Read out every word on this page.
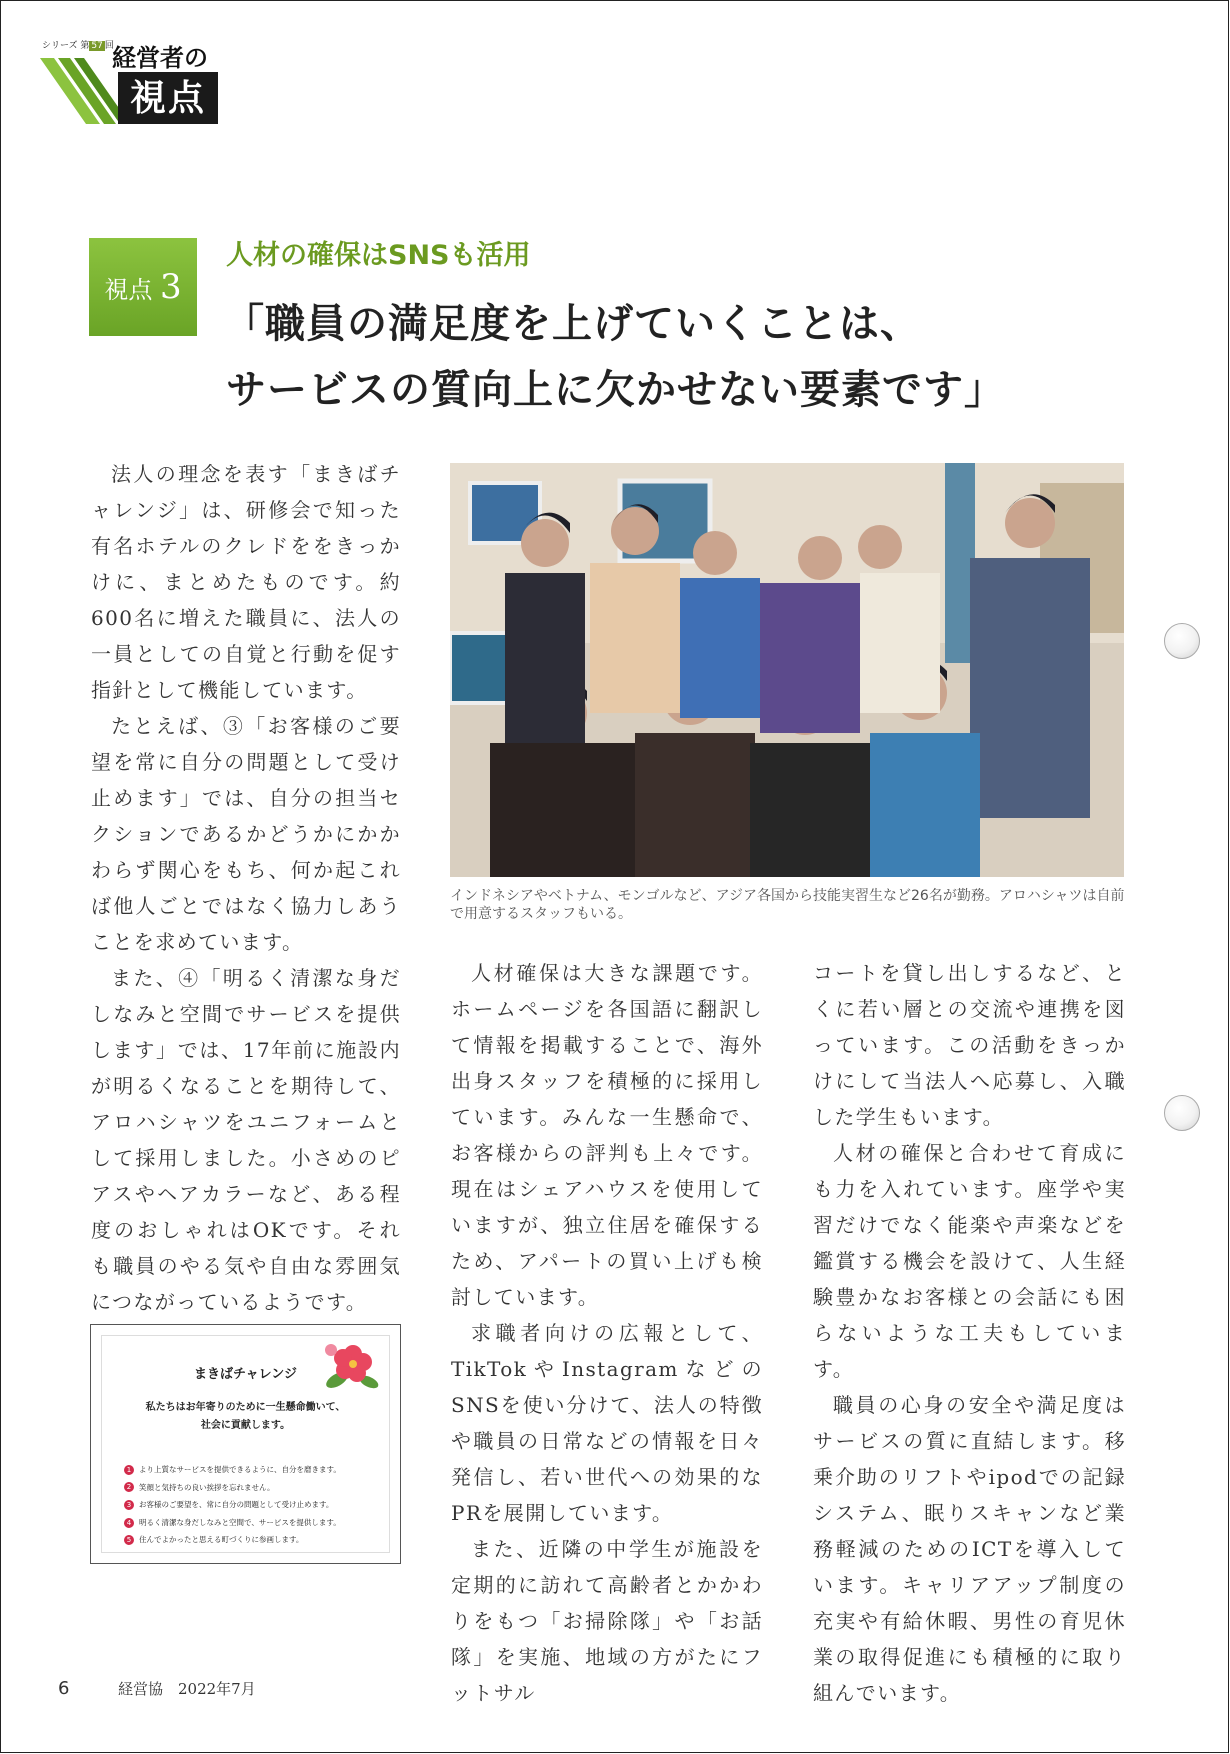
シリーズ 第 57 回
経営者の
視点
視点 3
人材の確保はSNSも活用
「職員の満足度を上げていくことは、
サービスの質向上に欠かせない要素です」

法人の理念を表す「まきばチャレンジ」は、研修会で知った有名ホテルのクレドををきっかけに、まとめたものです。約600名に増えた職員に、法人の一員としての自覚と行動を促す指針として機能しています。

たとえば、③「お客様のご要望を常に自分の問題として受け止めます」では、自分の担当セクションであるかどうかにかかわらず関心をもち、何か起これば他人ごとではなく協力しあうことを求めています。

また、④「明るく清潔な身だしなみと空間でサービスを提供します」では、17年前に施設内が明るくなることを期待して、アロハシャツをユニフォームとして採用しました。小さめのピアスやヘアカラーなど、ある程度のおしゃれはOKです。それも職員のやる気や自由な雰囲気につながっているようです。

インドネシアやベトナム、モンゴルなど、アジア各国から技能実習生など26名が勤務。アロハシャツは自前で用意するスタッフもいる。

人材確保は大きな課題です。ホームページを各国語に翻訳して情報を掲載することで、海外出身スタッフを積極的に採用しています。みんな一生懸命で、お客様からの評判も上々です。現在はシェアハウスを使用していますが、独立住居を確保するため、アパートの買い上げも検討しています。

求職者向けの広報として、TikTokやInstagramなどのSNSを使い分けて、法人の特徴や職員の日常などの情報を日々発信し、若い世代への効果的なPRを展開しています。

また、近隣の中学生が施設を定期的に訪れて高齢者とかかわりをもつ「お掃除隊」や「お話隊」を実施、地域の方がたにフットサル

コートを貸し出しするなど、とくに若い層との交流や連携を図っています。この活動をきっかけにして当法人へ応募し、入職した学生もいます。

人材の確保と合わせて育成にも力を入れています。座学や実習だけでなく能楽や声楽などを鑑賞する機会を設けて、人生経験豊かなお客様との会話にも困らないような工夫もしています。

職員の心身の安全や満足度はサービスの質に直結します。移乗介助のリフトやipodでの記録システム、眠りスキャンなど業務軽減のためのICTを導入しています。キャリアアップ制度の充実や有給休暇、男性の育児休業の取得促進にも積極的に取り組んでいます。

まきばチャレンジ
私たちはお年寄りのために一生懸命働いて、
社会に貢献します。
1	より上質なサービスを提供できるように、自分を磨きます。
2	笑顔と気持ちの良い挨拶を忘れません。
3	お客様のご要望を、常に自分の問題として受け止めます。
4	明るく清潔な身だしなみと空間で、サービスを提供します。
5	住んでよかったと思える町づくりに参画します。
6	経営協　2022年7月
